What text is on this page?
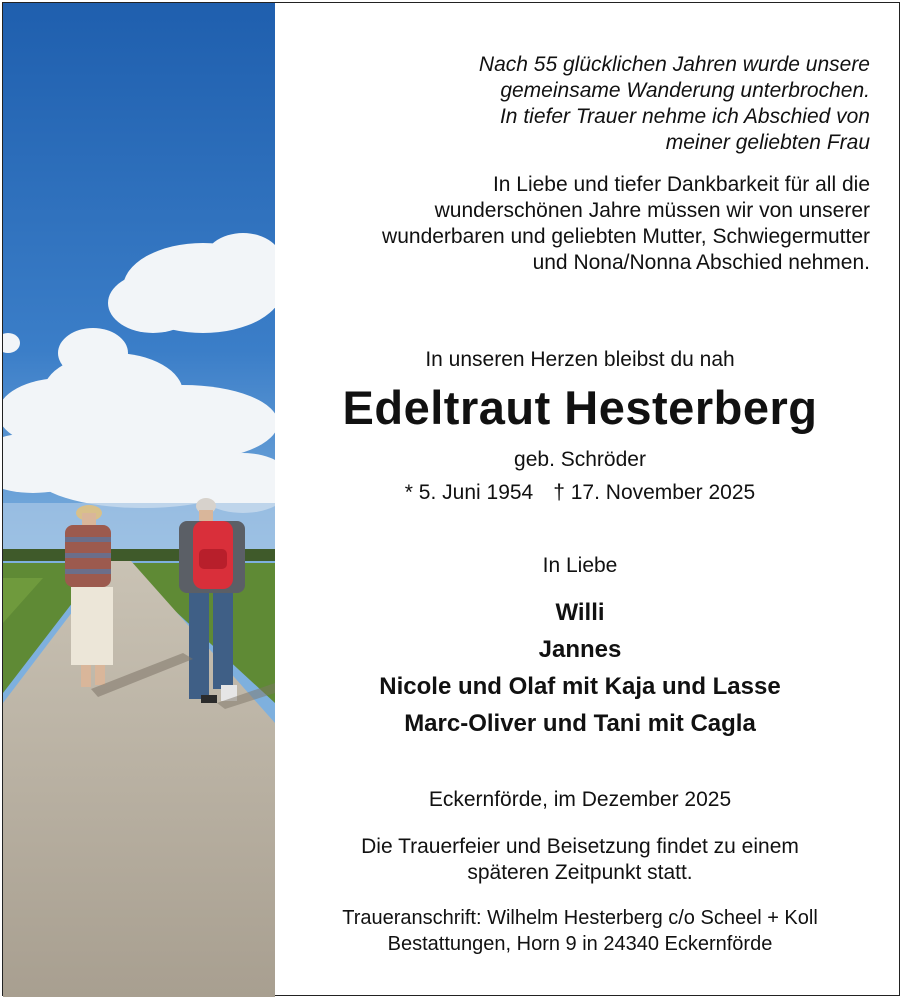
Nach 55 glücklichen Jahren wurde unsere
gemeinsame Wanderung unterbrochen.
In tiefer Trauer nehme ich Abschied von
meiner geliebten Frau
In Liebe und tiefer Dankbarkeit für all die
wunderschönen Jahre müssen wir von unserer
wunderbaren und geliebten Mutter, Schwiegermutter
und Nona/Nonna Abschied nehmen.
In unseren Herzen bleibst du nah
Edeltraut Hesterberg
geb. Schröder
* 5. Juni 1954 † 17. November 2025
In Liebe
Willi
Jannes
Nicole und Olaf mit Kaja und Lasse
Marc-Oliver und Tani mit Cagla
Eckernförde, im Dezember 2025
Die Trauerfeier und Beisetzung findet zu einem
späteren Zeitpunkt statt.
Traueranschrift: Wilhelm Hesterberg c/o Scheel + Koll
Bestattungen, Horn 9 in 24340 Eckernförde
